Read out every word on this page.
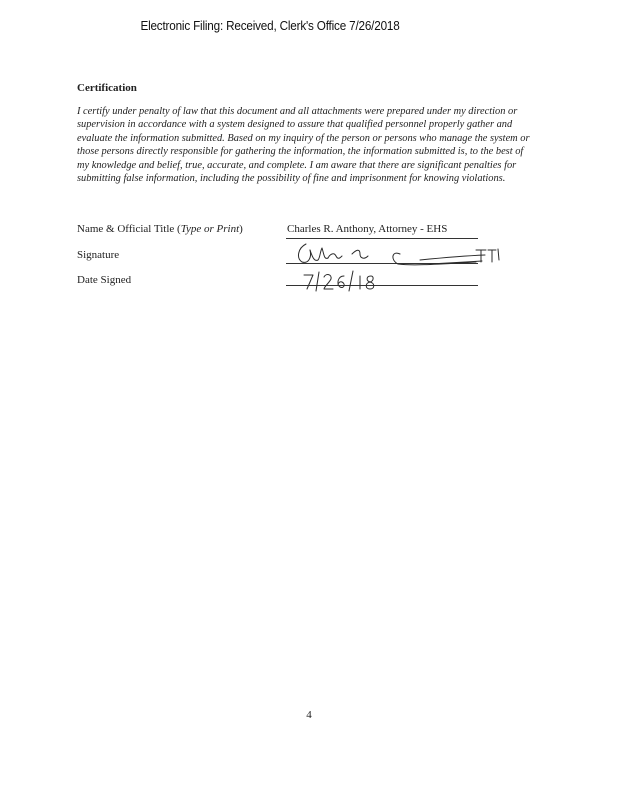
Electronic Filing: Received, Clerk's Office 7/26/2018
Certification
I certify under penalty of law that this document and all attachments were prepared under my direction or supervision in accordance with a system designed to assure that qualified personnel properly gather and evaluate the information submitted. Based on my inquiry of the person or persons who manage the system or those persons directly responsible for gathering the information, the information submitted is, to the best of my knowledge and belief, true, accurate, and complete. I am aware that there are significant penalties for submitting false information, including the possibility of fine and imprisonment for knowing violations.
Name & Official Title (Type or Print)	Charles R. Anthony, Attorney - EHS
Signature
Date Signed
4
